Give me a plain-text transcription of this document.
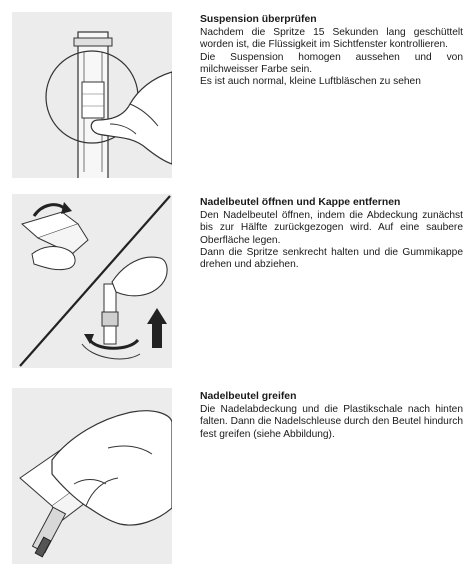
Suspension überprüfen

Nachdem die Spritze 15 Sekunden lang geschüttelt worden ist, die Flüssigkeit im Sichtfenster kontrollieren.

Die Suspension homogen aussehen und von milchweisser Farbe sein.

Es ist auch normal, kleine Luftbläschen zu sehen

Nadelbeutel öffnen und Kappe entfernen

Den Nadelbeutel öffnen, indem die Abdeckung zunächst bis zur Hälfte zurückgezogen wird. Auf eine saubere Oberfläche legen.

Dann die Spritze senkrecht halten und die Gummikappe drehen und abziehen.

Nadelbeutel greifen

Die Nadelabdeckung und die Plastikschale nach hinten falten. Dann die Nadelschleuse durch den Beutel hindurch fest greifen (siehe Abbildung).
